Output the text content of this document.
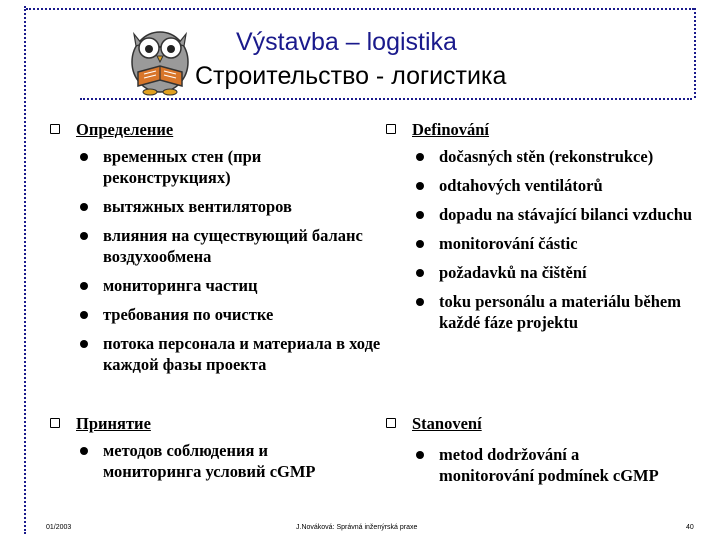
Výstavba – logistika
Строительство - логистика
Определение
временных стен (при реконструкциях)
вытяжных вентиляторов
влияния на существующий баланс воздухообмена
мониторинга частиц
требования по очистке
потока персонала и материала в ходе каждой фазы проекта
Definování
dočasných stěn (rekonstrukce)
odtahových ventilátorů
dopadu na stávající bilanci vzduchu
monitorování částic
požadavků na čištění
toku personálu a materiálu během každé fáze projektu
Принятие
методов соблюдения и мониторинга условий cGMP
Stanovení
metod dodržování a monitorování podmínek cGMP
01/2003	J.Nováková: Správná inženýrská praxe	40
